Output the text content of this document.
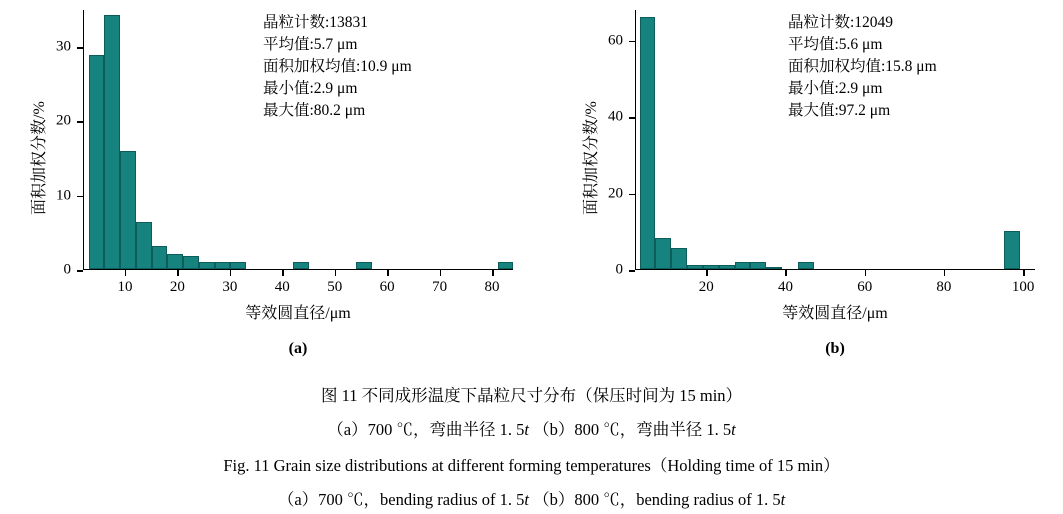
面积加权分数/%
10 20 30 40 50 60 70 80
0
10
20
30
等效圆直径/μm
晶粒计数:13831
平均值:5.7 μm
面积加权均值:10.9 μm
最小值:2.9 μm
最大值:80.2 μm
(a)
面积加权分数/%
20	40	60	80	100
0
20
40
60
等效圆直径/μm
晶粒计数:12049
平均值:5.6 μm
面积加权均值:15.8 μm
最小值:2.9 μm
最大值:97.2 μm
(b)
图 11 不同成形温度下晶粒尺寸分布（保压时间为 15 min）
（a）700 ℃，弯曲半径 1. 5t （b）800 ℃，弯曲半径 1. 5t
Fig. 11 Grain size distributions at different forming temperatures（Holding time of 15 min）
（a）700 ℃，bending radius of 1. 5t （b）800 ℃，bending radius of 1. 5t
